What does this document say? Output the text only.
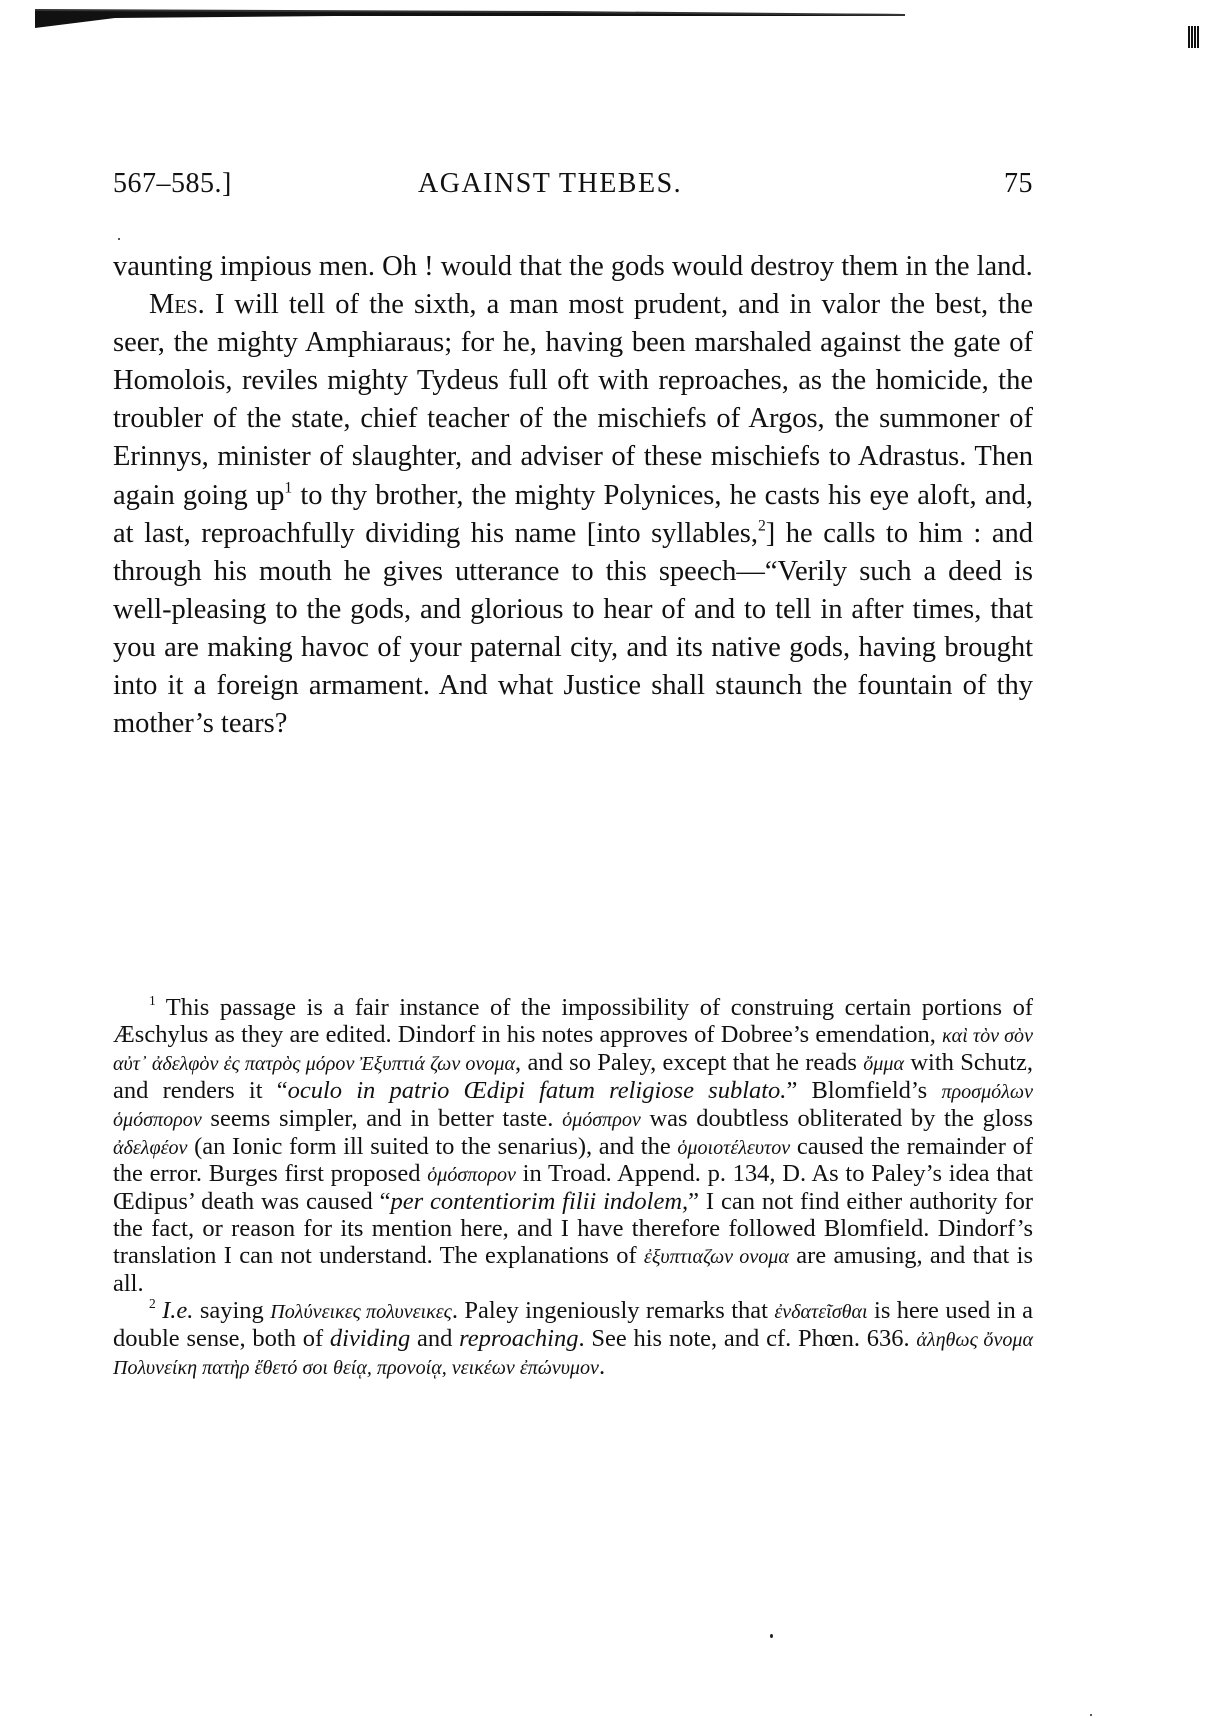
567–585.]	AGAINST THEBES.	75

vaunting impious men. Oh ! would that the gods would destroy them in the land.

Mes. I will tell of the sixth, a man most prudent, and in valor the best, the seer, the mighty Amphiaraus; for he, having been marshaled against the gate of Homolois, reviles mighty Tydeus full oft with reproaches, as the homicide, the troubler of the state, chief teacher of the mischiefs of Argos, the summoner of Erinnys, minister of slaughter, and adviser of these mischiefs to Adrastus. Then again going $up^1$ to thy brother, the mighty Polynices, he casts his eye aloft, and, at last, reproachfully dividing his name [into syllables,$^2$] he calls to him : and through his mouth he gives utterance to this speech—“Verily such a deed is well-pleasing to the gods, and glorious to hear of and to tell in after times, that you are making havoc of your paternal city, and its native gods, having brought into it a foreign armament. And what Justice shall staunch the fountain of thy mother’s tears?

$^1$ This passage is a fair instance of the impossibility of construing certain portions of Æschylus as they are edited. Dindorf in his notes approves of Dobree’s emendation, καὶ τὸν σὸν αὐτ᾽ ἀδελφὸν ἐς πατρὸς μόρον Ἐξυπτιά ζων ονομα, and so Paley, except that he reads ὄμμα with Schutz, and renders it “oculo in patrio Œdipi fatum religiose sublato.” Blomfield’s προσμόλων ὁμόσπορον seems simpler, and in better taste. ὁμόσπρον was doubtless obliterated by the gloss ἀδελφέον (an Ionic form ill suited to the senarius), and the ὁμοιοτέλευτον caused the remainder of the error. Burges first proposed ὁμόσπορον in Troad. Append. p. 134, D. As to Paley’s idea that Œdipus’ death was caused “per contentiorim filii indolem,” I can not find either authority for the fact, or reason for its mention here, and I have therefore followed Blomfield. Dindorf’s translation I can not understand. The explanations of ἐξυπτιαζων ονομα are amusing, and that is all.

$^2$ I.e. saying Πολύνεικες πολυνεικες. Paley ingeniously remarks that ἐνδατεῖσθαι is here used in a double sense, both of dividing and reproaching. See his note, and cf. Phœn. 636. ἀληθως ὄνομα Πολυνείκη πατὴρ ἔθετό σοι θείᾳ, προνοίᾳ, νεικέων ἐπώνυμον.
